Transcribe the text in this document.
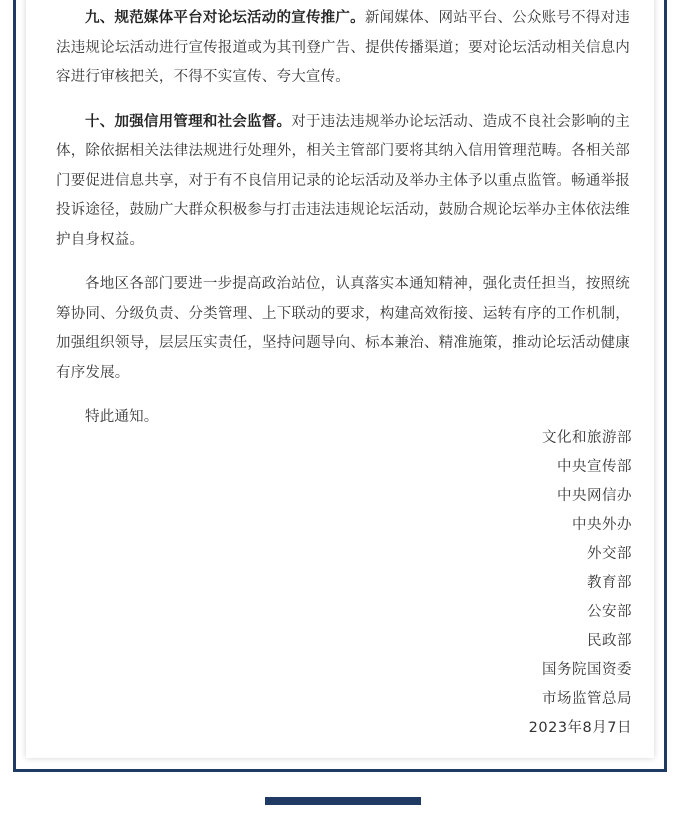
九、规范媒体平台对论坛活动的宣传推广。新闻媒体、网站平台、公众账号不得对违法违规论坛活动进行宣传报道或为其刊登广告、提供传播渠道；要对论坛活动相关信息内容进行审核把关，不得不实宣传、夸大宣传。

十、加强信用管理和社会监督。对于违法违规举办论坛活动、造成不良社会影响的主体，除依据相关法律法规进行处理外，相关主管部门要将其纳入信用管理范畴。各相关部门要促进信息共享，对于有不良信用记录的论坛活动及举办主体予以重点监管。畅通举报投诉途径，鼓励广大群众积极参与打击违法违规论坛活动，鼓励合规论坛举办主体依法维护自身权益。

各地区各部门要进一步提高政治站位，认真落实本通知精神，强化责任担当，按照统筹协同、分级负责、分类管理、上下联动的要求，构建高效衔接、运转有序的工作机制，加强组织领导，层层压实责任，坚持问题导向、标本兼治、精准施策，推动论坛活动健康有序发展。

特此通知。

文化和旅游部
中央宣传部
中央网信办
中央外办
外交部
教育部
公安部
民政部
国务院国资委
市场监管总局
2023年8月7日
